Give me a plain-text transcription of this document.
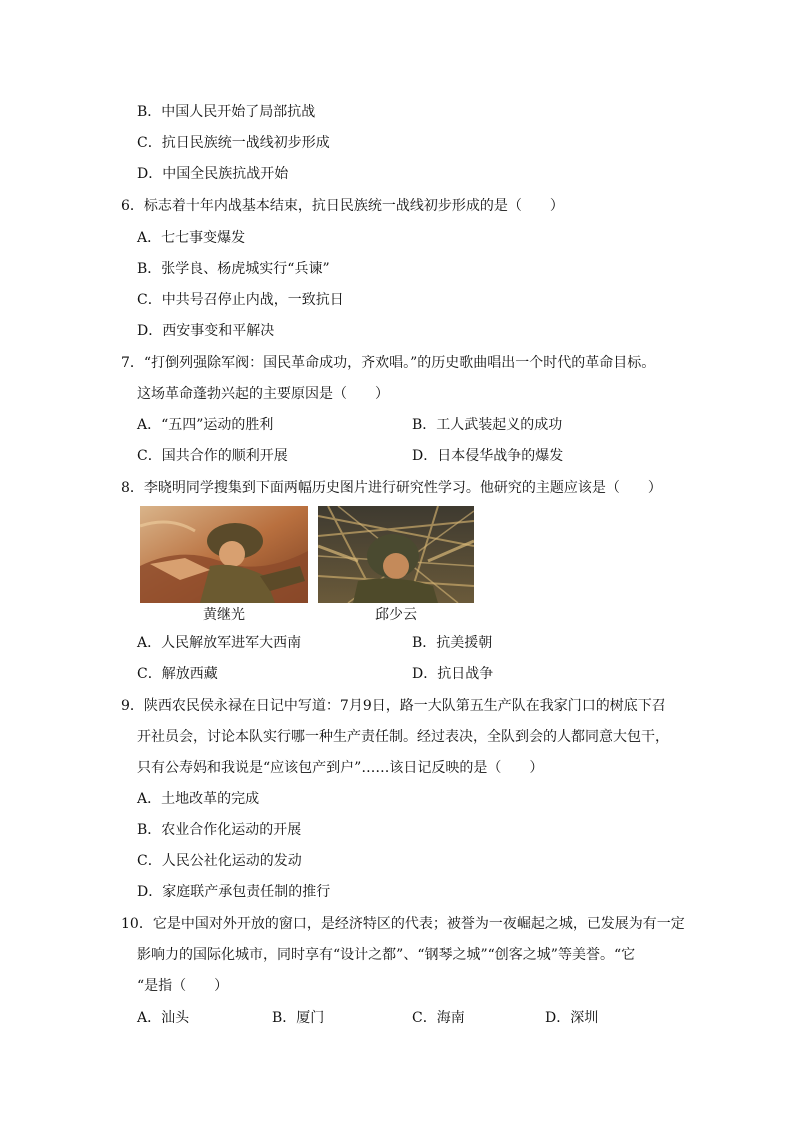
B．中国人民开始了局部抗战
C．抗日民族统一战线初步形成
D．中国全民族抗战开始
6．标志着十年内战基本结束，抗日民族统一战线初步形成的是（　　）
A．七七事变爆发
B．张学良、杨虎城实行“兵谏”
C．中共号召停止内战，一致抗日
D．西安事变和平解决
7．“打倒列强除军阀：国民革命成功，齐欢唱。”的历史歌曲唱出一个时代的革命目标。
这场革命蓬勃兴起的主要原因是（　　）
A．“五四”运动的胜利	B．工人武装起义的成功
C．国共合作的顺利开展	D．日本侵华战争的爆发
8．李晓明同学搜集到下面两幅历史图片进行研究性学习。他研究的主题应该是（　　）
黄继光	邱少云
A．人民解放军进军大西南	B．抗美援朝
C．解放西藏	D．抗日战争
9．陕西农民侯永禄在日记中写道：7月9日，路一大队第五生产队在我家门口的树底下召
开社员会，讨论本队实行哪一种生产责任制。经过表决，全队到会的人都同意大包干，
只有公寿妈和我说是“应该包产到户”……该日记反映的是（　　）
A．土地改革的完成
B．农业合作化运动的开展
C．人民公社化运动的发动
D．家庭联产承包责任制的推行
10．它是中国对外开放的窗口，是经济特区的代表；被誉为一夜崛起之城，已发展为有一定
影响力的国际化城市，同时享有“设计之都”、“钢琴之城”“创客之城”等美誉。“它
“是指（　　）
A．汕头	B．厦门	C．海南	D．深圳
